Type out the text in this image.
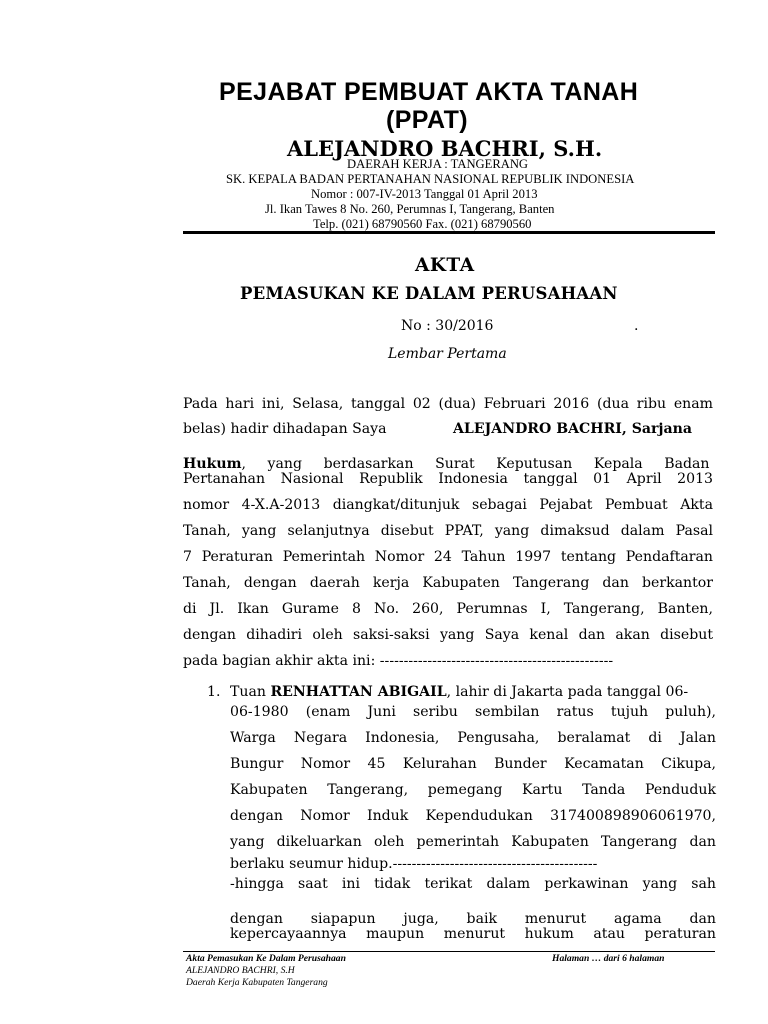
PEJABAT PEMBUAT AKTA TANAH
(PPAT)
ALEJANDRO BACHRI, S.H.
DAERAH KERJA : TANGERANG
SK. KEPALA BADAN PERTANAHAN NASIONAL REPUBLIK INDONESIA
Nomor : 007-IV-2013 Tanggal 01 April 2013
Jl. Ikan Tawes 8 No. 260, Perumnas I, Tangerang, Banten
Telp. (021) 68790560 Fax. (021) 68790560
AKTA
PEMASUKAN KE DALAM PERUSAHAAN
No : 30/2016	.
Lembar Pertama
Pada hari ini, Selasa, tanggal 02 (dua) Februari 2016 (dua ribu enam
belas) hadir dihadapan Saya	ALEJANDRO BACHRI, Sarjana
Hukum, yang berdasarkan Surat Keputusan Kepala Badan
Pertanahan Nasional Republik Indonesia tanggal 01 April 2013
nomor 4-X.A-2013 diangkat/ditunjuk sebagai Pejabat Pembuat Akta
Tanah, yang selanjutnya disebut PPAT, yang dimaksud dalam Pasal
7 Peraturan Pemerintah Nomor 24 Tahun 1997 tentang Pendaftaran
Tanah, dengan daerah kerja Kabupaten Tangerang dan berkantor
di Jl. Ikan Gurame 8 No. 260, Perumnas I, Tangerang, Banten,
dengan dihadiri oleh saksi-saksi yang Saya kenal dan akan disebut
pada bagian akhir akta ini: -------------------------------------------------
1. Tuan RENHATTAN ABIGAIL, lahir di Jakarta pada tanggal 06-
06-1980 (enam Juni seribu sembilan ratus tujuh puluh),
Warga Negara Indonesia, Pengusaha, beralamat di Jalan
Bungur Nomor 45 Kelurahan Bunder Kecamatan Cikupa,
Kabupaten Tangerang, pemegang Kartu Tanda Penduduk
dengan Nomor Induk Kependudukan 3174008989060619​70,
yang dikeluarkan oleh pemerintah Kabupaten Tangerang dan
berlaku seumur hidup.-------------------------------------------
-hingga saat ini tidak terikat dalam perkawinan yang sah
dengan siapapun juga, baik menurut agama dan
kepercayaannya maupun menurut hukum atau peraturan
Akta Pemasukan Ke Dalam Perusahaan
ALEJANDRO BACHRI, S.H
Daerah Kerja Kabupaten Tangerang
Halaman … dari 6 halaman
